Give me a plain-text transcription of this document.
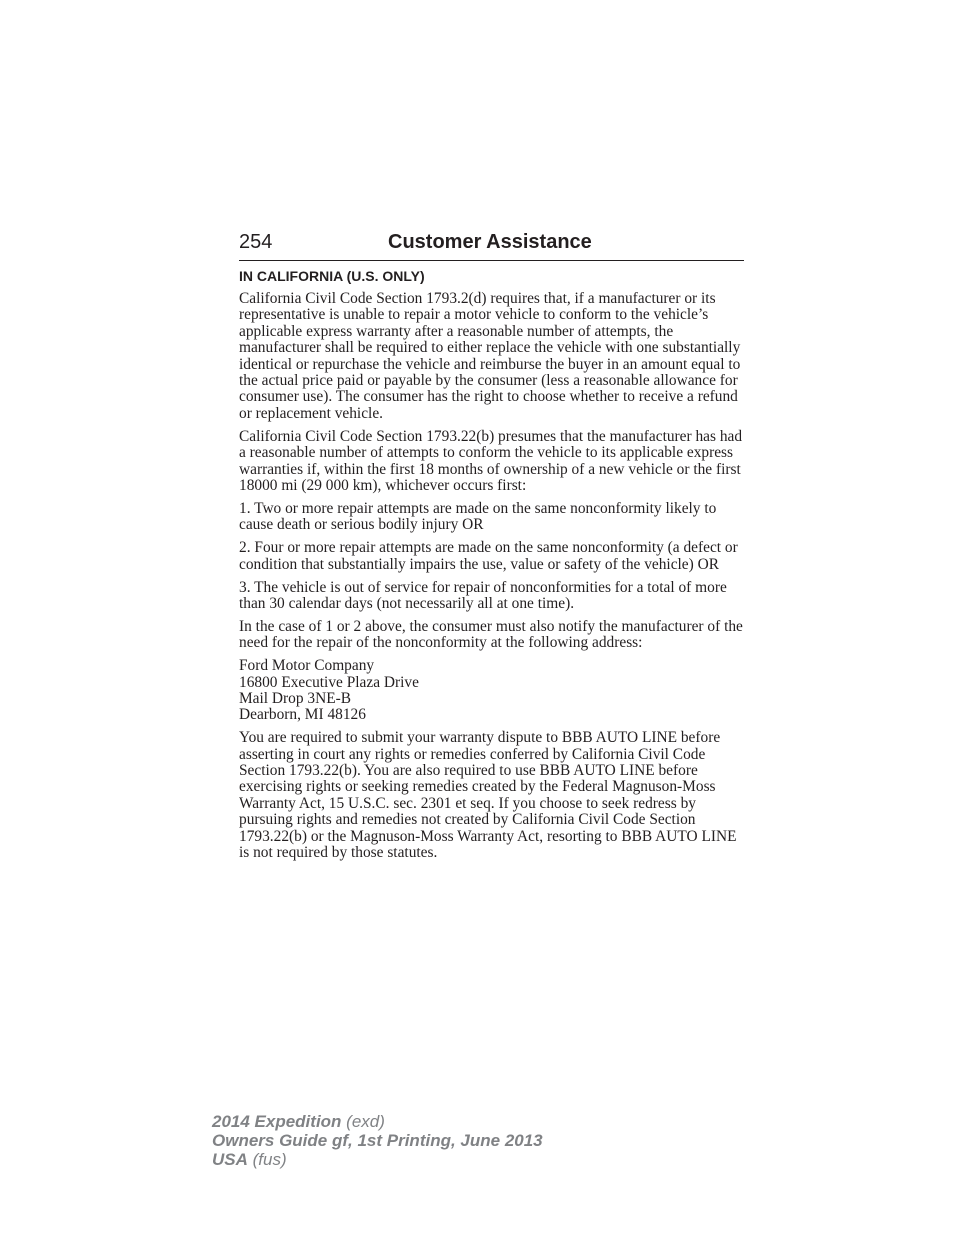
254	Customer Assistance
IN CALIFORNIA (U.S. ONLY)

California Civil Code Section 1793.2(d) requires that, if a manufacturer or its representative is unable to repair a motor vehicle to conform to the vehicle’s applicable express warranty after a reasonable number of attempts, the manufacturer shall be required to either replace the vehicle with one substantially identical or repurchase the vehicle and reimburse the buyer in an amount equal to the actual price paid or payable by the consumer (less a reasonable allowance for consumer use). The consumer has the right to choose whether to receive a refund or replacement vehicle.

California Civil Code Section 1793.22(b) presumes that the manufacturer has had a reasonable number of attempts to conform the vehicle to its applicable express warranties if, within the first 18 months of ownership of a new vehicle or the first 18000 mi (29 000 km), whichever occurs first:

1. Two or more repair attempts are made on the same nonconformity likely to cause death or serious bodily injury OR

2. Four or more repair attempts are made on the same nonconformity (a defect or condition that substantially impairs the use, value or safety of the vehicle) OR

3. The vehicle is out of service for repair of nonconformities for a total of more than 30 calendar days (not necessarily all at one time).

In the case of 1 or 2 above, the consumer must also notify the manufacturer of the need for the repair of the nonconformity at the following address:

Ford Motor Company
16800 Executive Plaza Drive
Mail Drop 3NE-B
Dearborn, MI 48126

You are required to submit your warranty dispute to BBB AUTO LINE before asserting in court any rights or remedies conferred by California Civil Code Section 1793.22(b). You are also required to use BBB AUTO LINE before exercising rights or seeking remedies created by the Federal Magnuson-Moss Warranty Act, 15 U.S.C. sec. 2301 et seq. If you choose to seek redress by pursuing rights and remedies not created by California Civil Code Section 1793.22(b) or the Magnuson-Moss Warranty Act, resorting to BBB AUTO LINE is not required by those statutes.

2014 Expedition (exd)
Owners Guide gf, 1st Printing, June 2013
USA (fus)
